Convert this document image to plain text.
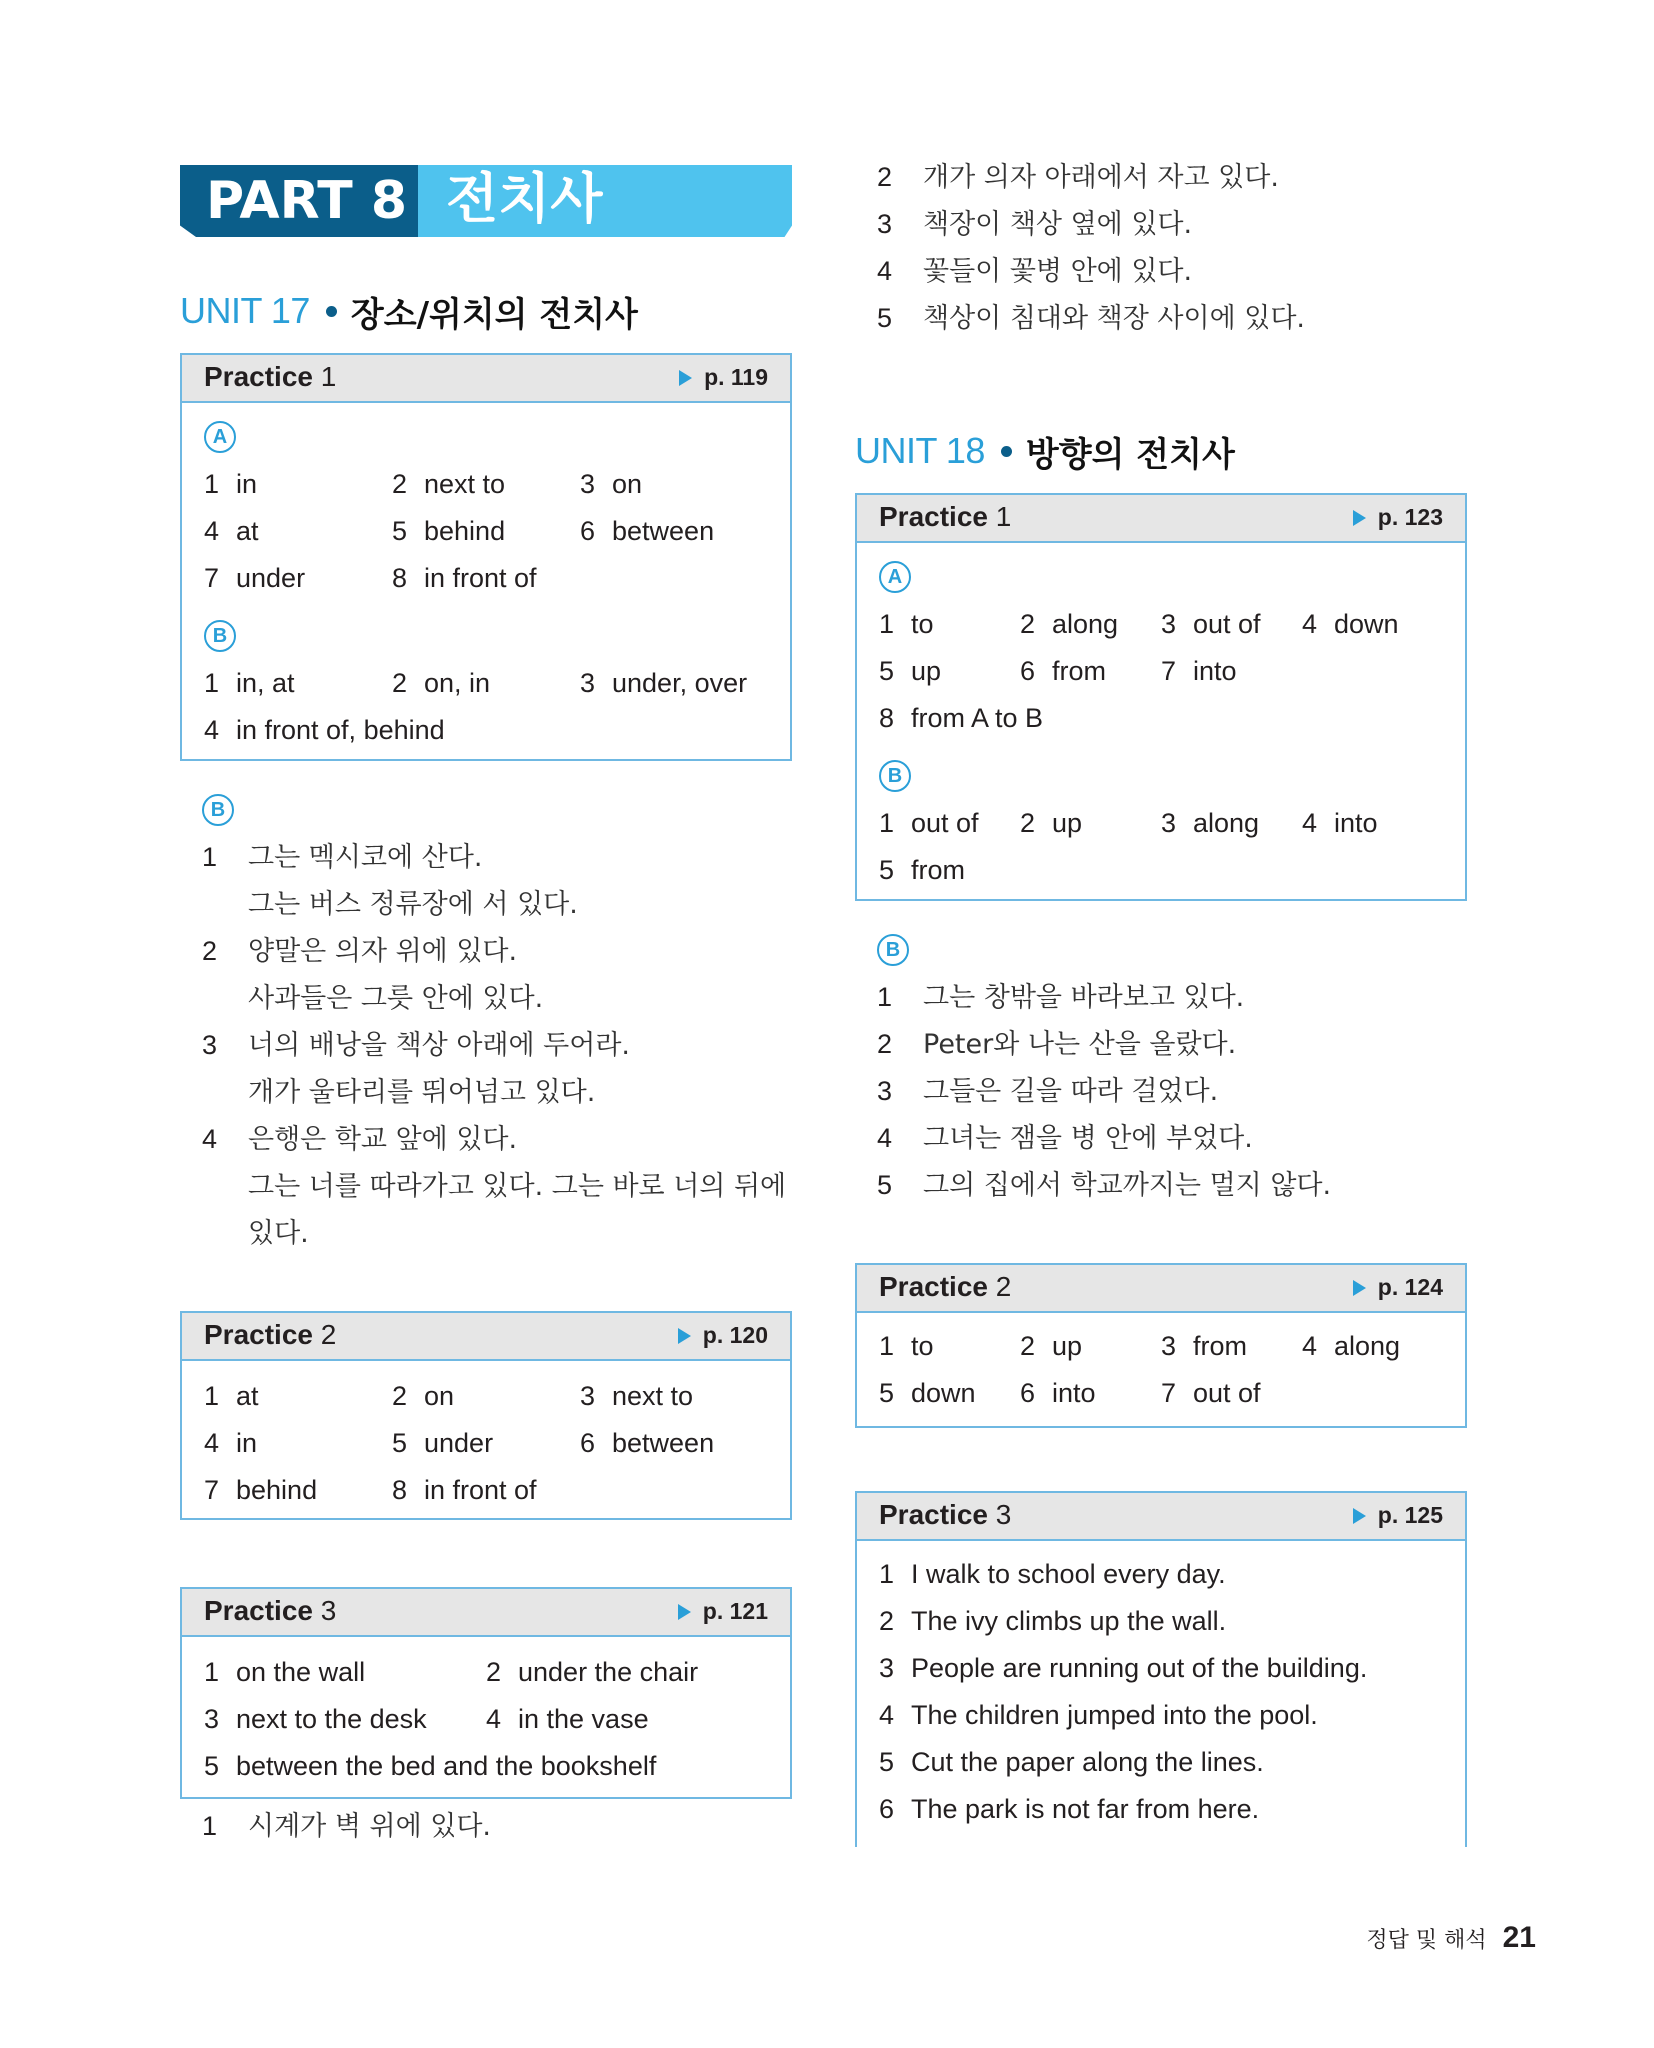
PART 8 전치사
UNIT 17 장소/위치의 전치사
Practice 1	p. 119
A
1 in	2 next to	3 on
4 at	5 behind	6 between
7 under	8 in front of
B
1 in, at	2 on, in	3 under, over
4 in front of, behind
B
1	그는 멕시코에 산다.
그는 버스 정류장에 서 있다.
2	양말은 의자 위에 있다.
사과들은 그릇 안에 있다.
3	너의 배낭을 책상 아래에 두어라.
개가 울타리를 뛰어넘고 있다.
4	은행은 학교 앞에 있다.
그는 너를 따라가고 있다. 그는 바로 너의 뒤에
있다.
Practice 2	p. 120
1 at	2 on	3 next to
4 in	5 under	6 between
7 behind	8 in front of
Practice 3	p. 121
1 on the wall	2 under the chair
3 next to the desk 4 in the vase
5 between the bed and the bookshelf
1	시계가 벽 위에 있다.
2	개가 의자 아래에서 자고 있다.
3	책장이 책상 옆에 있다.
4	꽃들이 꽃병 안에 있다.
5	책상이 침대와 책장 사이에 있다.
UNIT 18 방향의 전치사
Practice 1	p. 123
A
1 to	2 along 3 out of 4 down
5 up	6 from 7 into
8 from A to B
B
1 out of 2 up	3 along 4 into
5 from
B
1	그는 창밖을 바라보고 있다.
2	Peter와 나는 산을 올랐다.
3	그들은 길을 따라 걸었다.
4	그녀는 잼을 병 안에 부었다.
5	그의 집에서 학교까지는 멀지 않다.
Practice 2	p. 124
1 to	2 up	3 from 4 along
5 down 6 into 7 out of
Practice 3	p. 125
1 I walk to school every day.
2 The ivy climbs up the wall.
3 People are running out of the building.
4 The children jumped into the pool.
5 Cut the paper along the lines.
6 The park is not far from here.
정답 및 해석 21
